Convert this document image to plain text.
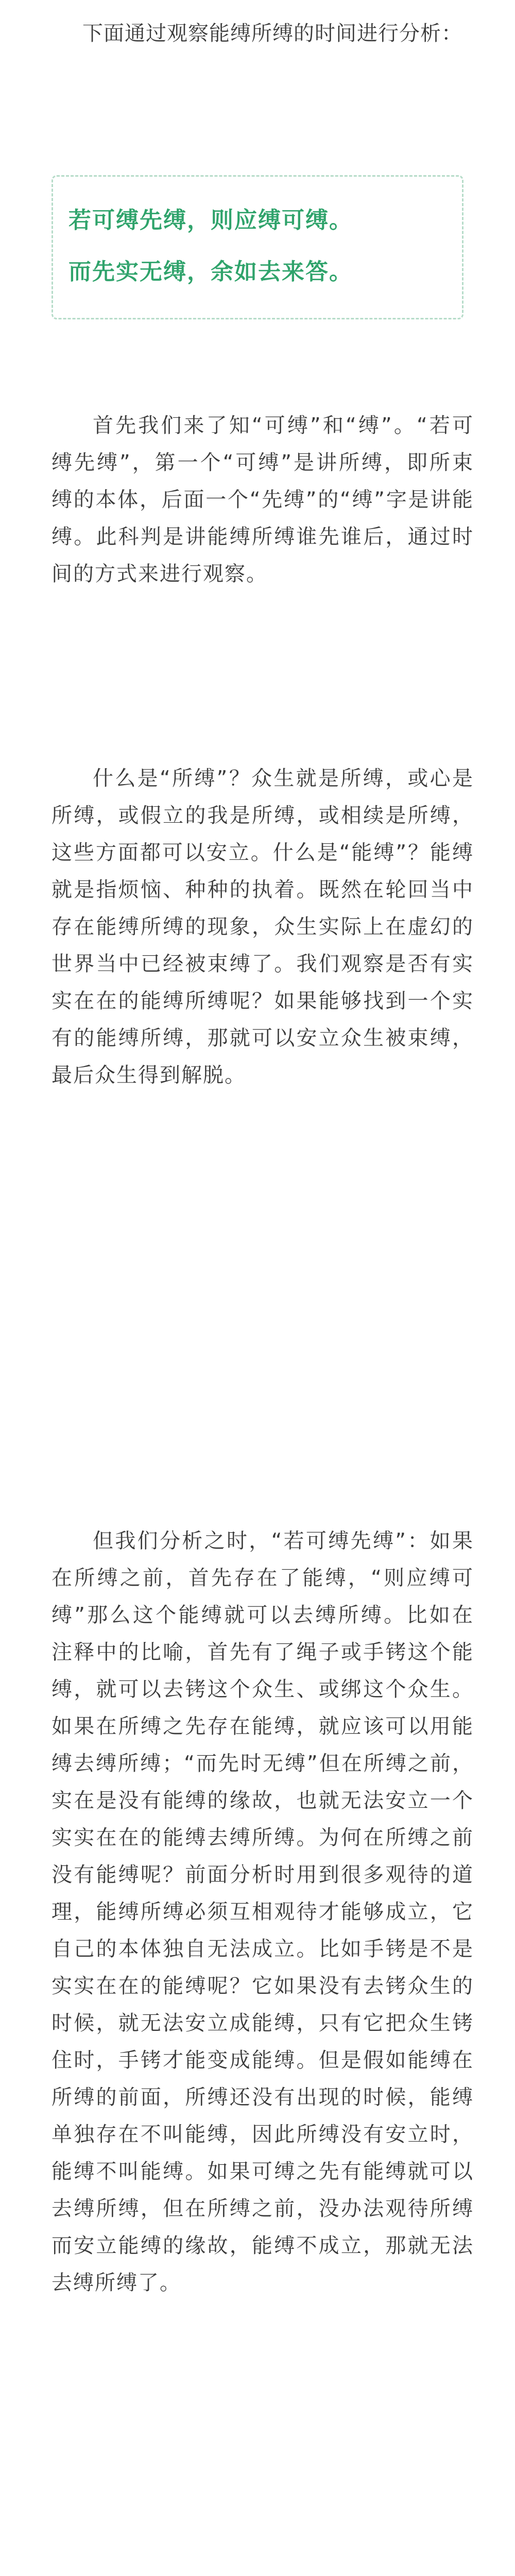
下面通过观察能缚所缚的时间进行分析：

若可缚先缚，则应缚可缚。
而先实无缚，余如去来答。

首先我们来了知“可缚”和“缚”。“若可缚先缚”，第一个“可缚”是讲所缚，即所束缚的本体，后面一个“先缚”的“缚”字是讲能缚。此科判是讲能缚所缚谁先谁后，通过时间的方式来进行观察。

什么是“所缚”？众生就是所缚，或心是所缚，或假立的我是所缚，或相续是所缚，这些方面都可以安立。什么是“能缚”？能缚就是指烦恼、种种的执着。既然在轮回当中存在能缚所缚的现象，众生实际上在虚幻的世界当中已经被束缚了。我们观察是否有实实在在的能缚所缚呢？如果能够找到一个实有的能缚所缚，那就可以安立众生被束缚，最后众生得到解脱。

但我们分析之时，“若可缚先缚”：如果在所缚之前，首先存在了能缚，“则应缚可缚”那么这个能缚就可以去缚所缚。比如在注释中的比喻，首先有了绳子或手铐这个能缚，就可以去铐这个众生、或绑这个众生。如果在所缚之先存在能缚，就应该可以用能缚去缚所缚；“而先时无缚”但在所缚之前，实在是没有能缚的缘故，也就无法安立一个实实在在的能缚去缚所缚。为何在所缚之前没有能缚呢？前面分析时用到很多观待的道理，能缚所缚必须互相观待才能够成立，它自己的本体独自无法成立。比如手铐是不是实实在在的能缚呢？它如果没有去铐众生的时候，就无法安立成能缚，只有它把众生铐住时，手铐才能变成能缚。但是假如能缚在所缚的前面，所缚还没有出现的时候，能缚单独存在不叫能缚，因此所缚没有安立时，能缚不叫能缚。如果可缚之先有能缚就可以去缚所缚，但在所缚之前，没办法观待所缚而安立能缚的缘故，能缚不成立，那就无法去缚所缚了。
